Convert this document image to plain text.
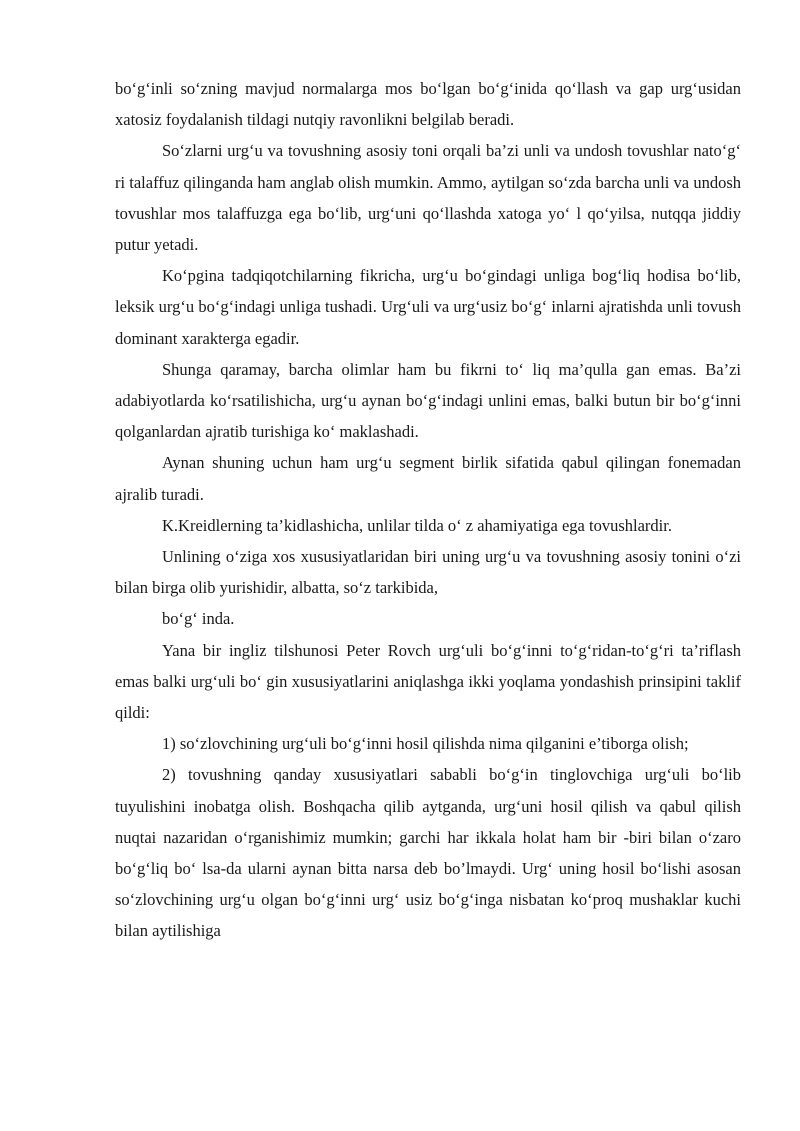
bo‘g‘inli so‘zning mavjud normalarga mos bo‘lgan bo‘g‘inida qo‘llash va gap urg‘usidan xatosiz foydalanish tildagi nutqiy ravonlikni belgilab beradi.

So‘zlarni urg‘u va tovushning asosiy toni orqali ba’zi unli va undosh tovushlar nato‘g‘ ri talaffuz qilinganda ham anglab olish mumkin. Ammo, aytilgan so‘zda barcha unli va undosh tovushlar mos talaffuzga ega bo‘lib, urg‘uni qo‘llashda xatoga yo‘ l qo‘yilsa, nutqqa jiddiy putur yetadi.

Ko‘pgina tadqiqotchilarning fikricha, urg‘u bo‘gindagi unliga bog‘liq hodisa bo‘lib, leksik urg‘u bo‘g‘indagi unliga tushadi. Urg‘uli va urg‘usiz bo‘g‘ inlarni ajratishda unli tovush dominant xarakterga egadir.

Shunga qaramay, barcha olimlar ham bu fikrni to‘ liq ma’qulla gan emas. Ba’zi adabiyotlarda ko‘rsatilishicha, urg‘u aynan bo‘g‘indagi unlini emas, balki butun bir bo‘g‘inni qolganlardan ajratib turishiga ko‘ maklashadi.

Aynan shuning uchun ham urg‘u segment birlik sifatida qabul qilingan fonemadan ajralib turadi.

K.Kreidlerning ta’kidlashicha, unlilar tilda o‘ z ahamiyatiga ega tovushlardir.

Unlining o‘ziga xos xususiyatlaridan biri uning urg‘u va tovushning asosiy tonini o‘zi bilan birga olib yurishidir, albatta, so‘z tarkibida,

bo‘g‘ inda.

Yana bir ingliz tilshunosi Peter Rovch urg‘uli bo‘g‘inni to‘g‘ridan-to‘g‘ri ta’riflash emas balki urg‘uli bo‘ gin xususiyatlarini aniqlashga ikki yoqlama yondashish prinsipini taklif qildi:

1) so‘zlovchining urg‘uli bo‘g‘inni hosil qilishda nima qilganini e’tiborga olish;

2) tovushning qanday xususiyatlari sababli bo‘g‘in tinglovchiga urg‘uli bo‘lib tuyulishini inobatga olish. Boshqacha qilib aytganda, urg‘uni hosil qilish va qabul qilish nuqtai nazaridan o‘rganishimiz mumkin; garchi har ikkala holat ham bir -biri bilan o‘zaro bo‘g‘liq bo‘ lsa-da ularni aynan bitta narsa deb bo’lmaydi. Urg‘ uning hosil bo‘lishi asosan so‘zlovchining urg‘u olgan bo‘g‘inni urg‘ usiz bo‘g‘inga nisbatan ko‘proq mushaklar kuchi bilan aytilishiga
